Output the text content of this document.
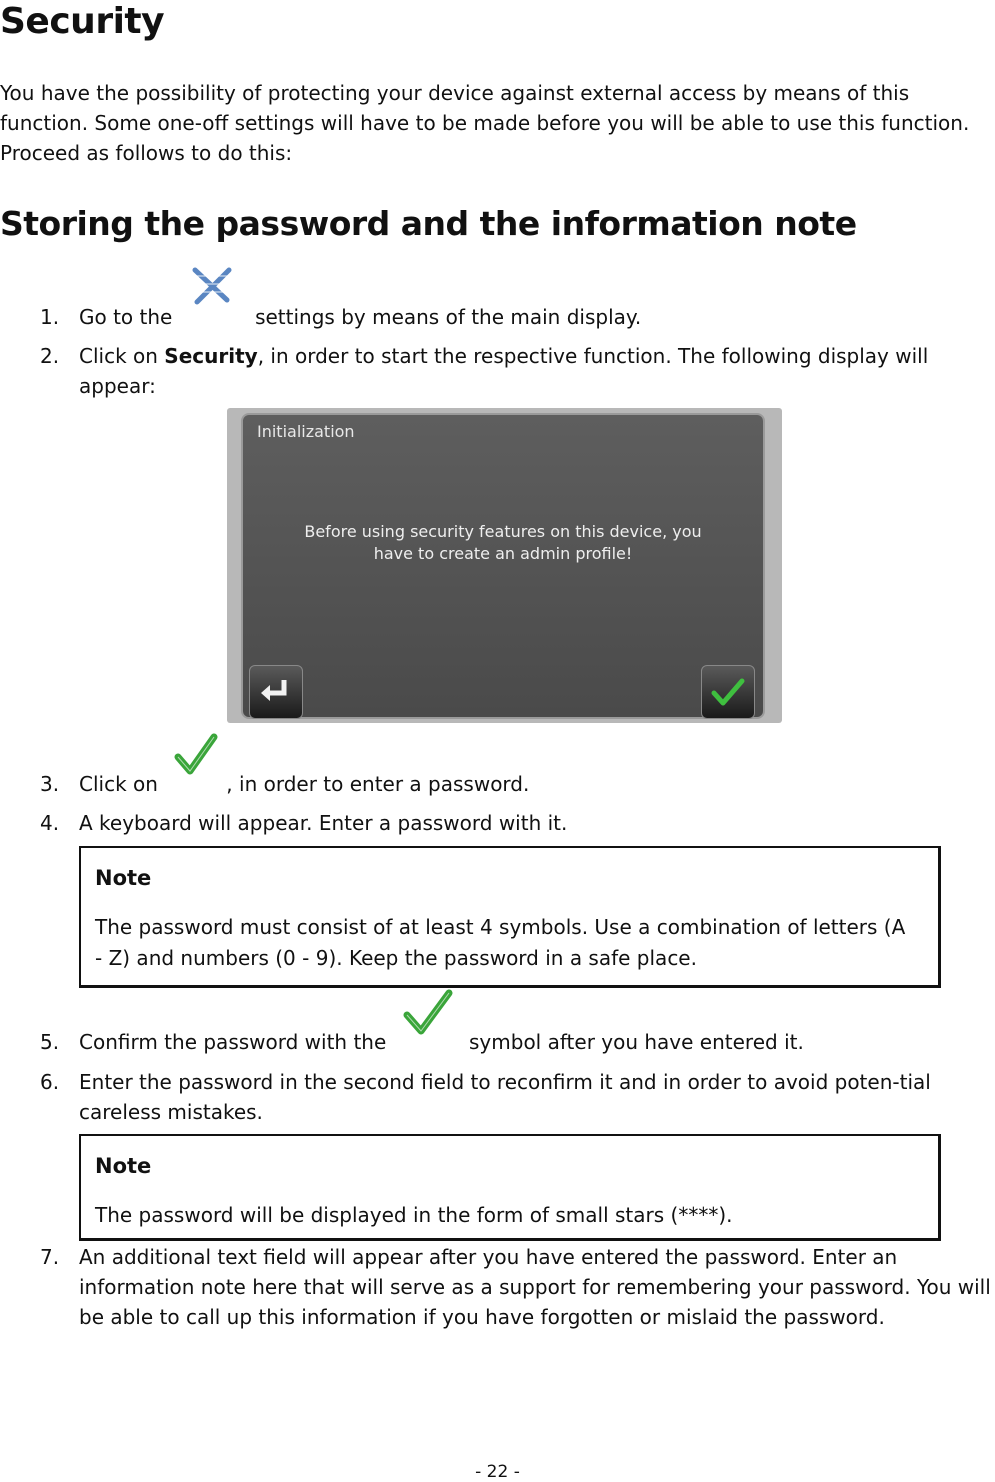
Security

You have the possibility of protecting your device against external access by means of this function. Some one-off settings will have to be made before you will be able to use this function. Proceed as follows to do this:

Storing the password and the information note
1. Go to the	settings by means of the main display.
2. Click on Security, in order to start the respective function. The following display will appear:
Initialization
Before using security features on this device, you
have to create an admin profile!
3. Click on	, in order to enter a password.
4. A keyboard will appear. Enter a password with it.
Note
The password must consist of at least 4 symbols. Use a combination of letters (A - Z) and numbers (0 - 9). Keep the password in a safe place.
5. Confirm the password with the	symbol after you have entered it.
6. Enter the password in the second field to reconfirm it and in order to avoid poten-tial careless mistakes.
Note
The password will be displayed in the form of small stars (****).
7. An additional text field will appear after you have entered the password. Enter an information note here that will serve as a support for remembering your password. You will be able to call up this information if you have forgotten or mislaid the password.
- 22 -
